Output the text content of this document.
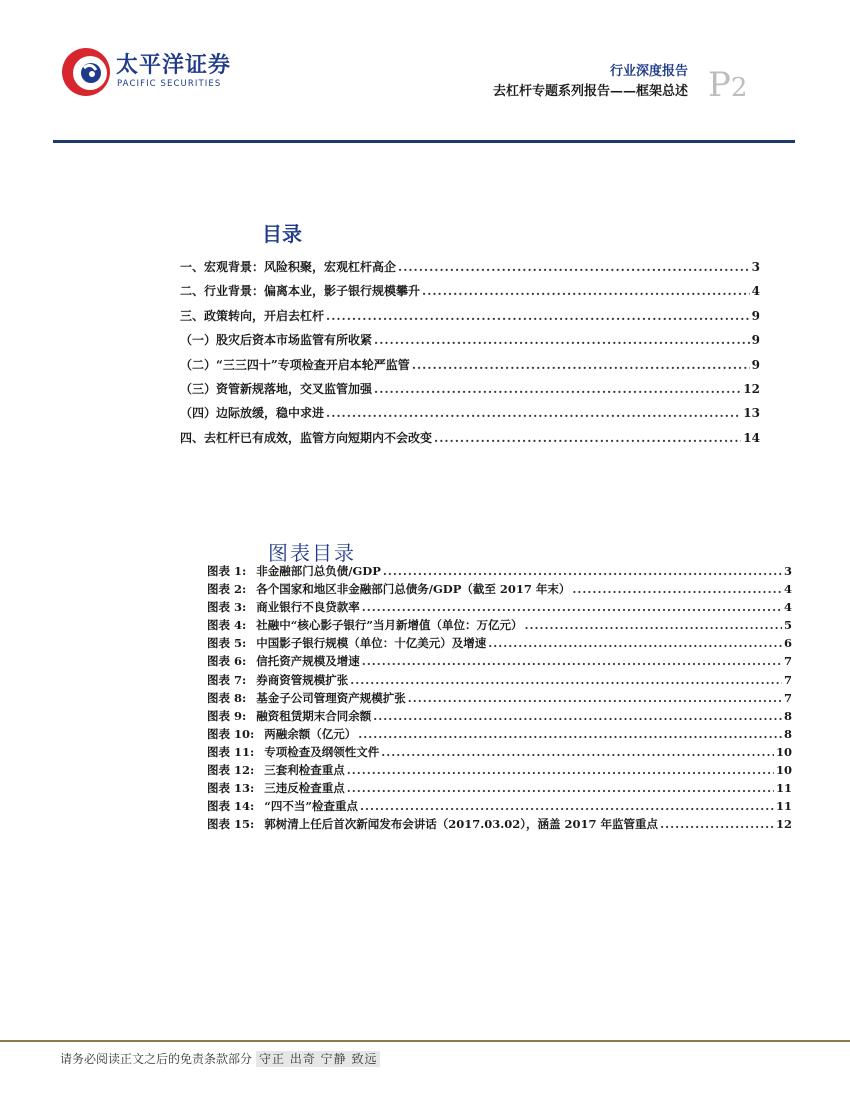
太平洋证券
PACIFIC SECURITIES
行业深度报告
去杠杆专题系列报告——框架总述 P2
目录
一、宏观背景：风险积聚，宏观杠杆高企 .....	3
二、行业背景：偏离本业，影子银行规模攀升 .....	4
三、政策转向，开启去杠杆 .....	9
（一）股灾后资本市场监管有所收紧 .....	9
（二）“三三四十”专项检查开启本轮严监管 .....	9
（三）资管新规落地，交叉监管加强 .....	12
（四）边际放缓，稳中求进 .....	13
四、去杠杆已有成效，监管方向短期内不会改变 .....	14
图表目录
图表 1: 非金融部门总负债/GDP .....	3
图表 2: 各个国家和地区非金融部门总债务/GDP（截至 2017 年末） .....	4
图表 3: 商业银行不良贷款率 .....	4
图表 4: 社融中“核心影子银行”当月新增值（单位：万亿元） .....	5
图表 5: 中国影子银行规模（单位：十亿美元）及增速 .....	6
图表 6: 信托资产规模及增速 .....	7
图表 7: 券商资管规模扩张 .....	7
图表 8: 基金子公司管理资产规模扩张 .....	7
图表 9: 融资租赁期末合同余额 .....	8
图表 10: 两融余额（亿元） .....	8
图表 11: 专项检查及纲领性文件 .....	10
图表 12: 三套利检查重点 .....	10
图表 13: 三违反检查重点 .....	11
图表 14: “四不当”检查重点 .....	11
图表 15: 郭树清上任后首次新闻发布会讲话（2017.03.02），涵盖 2017 年监管重点 .....	12
请务必阅读正文之后的免责条款部分 守正 出奇 宁静 致远
